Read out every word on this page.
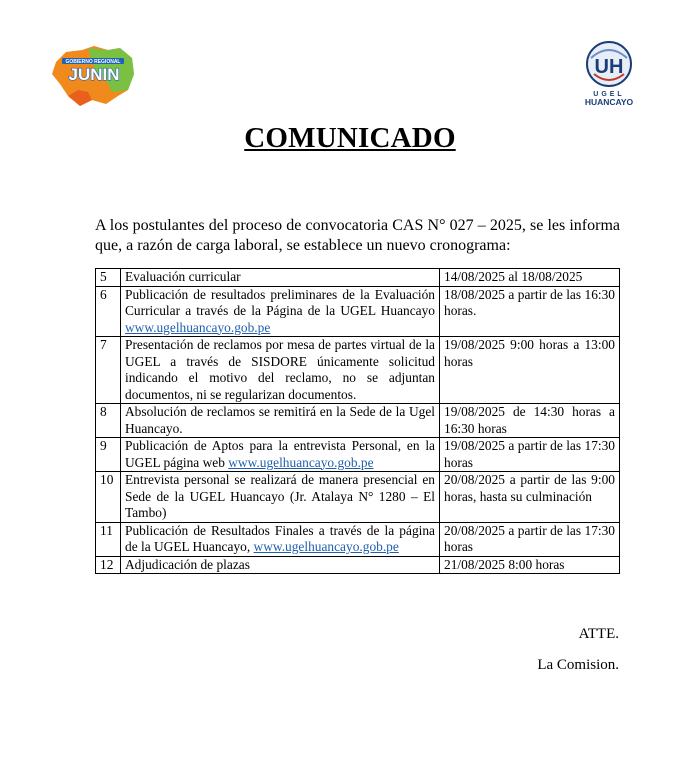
GOBIERNO REGIONAL
JUNIN	UH
UGEL
HUANCAYO
COMUNICADO
A los postulantes del proceso de convocatoria CAS N° 027 – 2025, se les informa que, a razón de carga laboral, se establece un nuevo cronograma:
5	Evaluación curricular	14/08/2025 al 18/08/2025
6	Publicación de resultados preliminares de la Evaluación Curricular a través de la Página de la UGEL Huancayo www.ugelhuancayo.gob.pe	18/08/2025 a partir de las 16:30 horas.
7	Presentación de reclamos por mesa de partes virtual de la UGEL a través de SISDORE únicamente solicitud indicando el motivo del reclamo, no se adjuntan documentos, ni se regularizan documentos.	19/08/2025 9:00 horas a 13:00 horas
8	Absolución de reclamos se remitirá en la Sede de la Ugel Huancayo.	19/08/2025 de 14:30 horas a 16:30 horas
9	Publicación de Aptos para la entrevista Personal, en la UGEL página web www.ugelhuancayo.gob.pe	19/08/2025 a partir de las 17:30 horas
10	Entrevista personal se realizará de manera presencial en Sede de la UGEL Huancayo (Jr. Atalaya N° 1280 – El Tambo)	20/08/2025 a partir de las 9:00 horas, hasta su culminación
11	Publicación de Resultados Finales a través de la página de la UGEL Huancayo, www.ugelhuancayo.gob.pe	20/08/2025 a partir de las 17:30 horas
12	Adjudicación de plazas	21/08/2025 8:00 horas
ATTE.
La Comision.
